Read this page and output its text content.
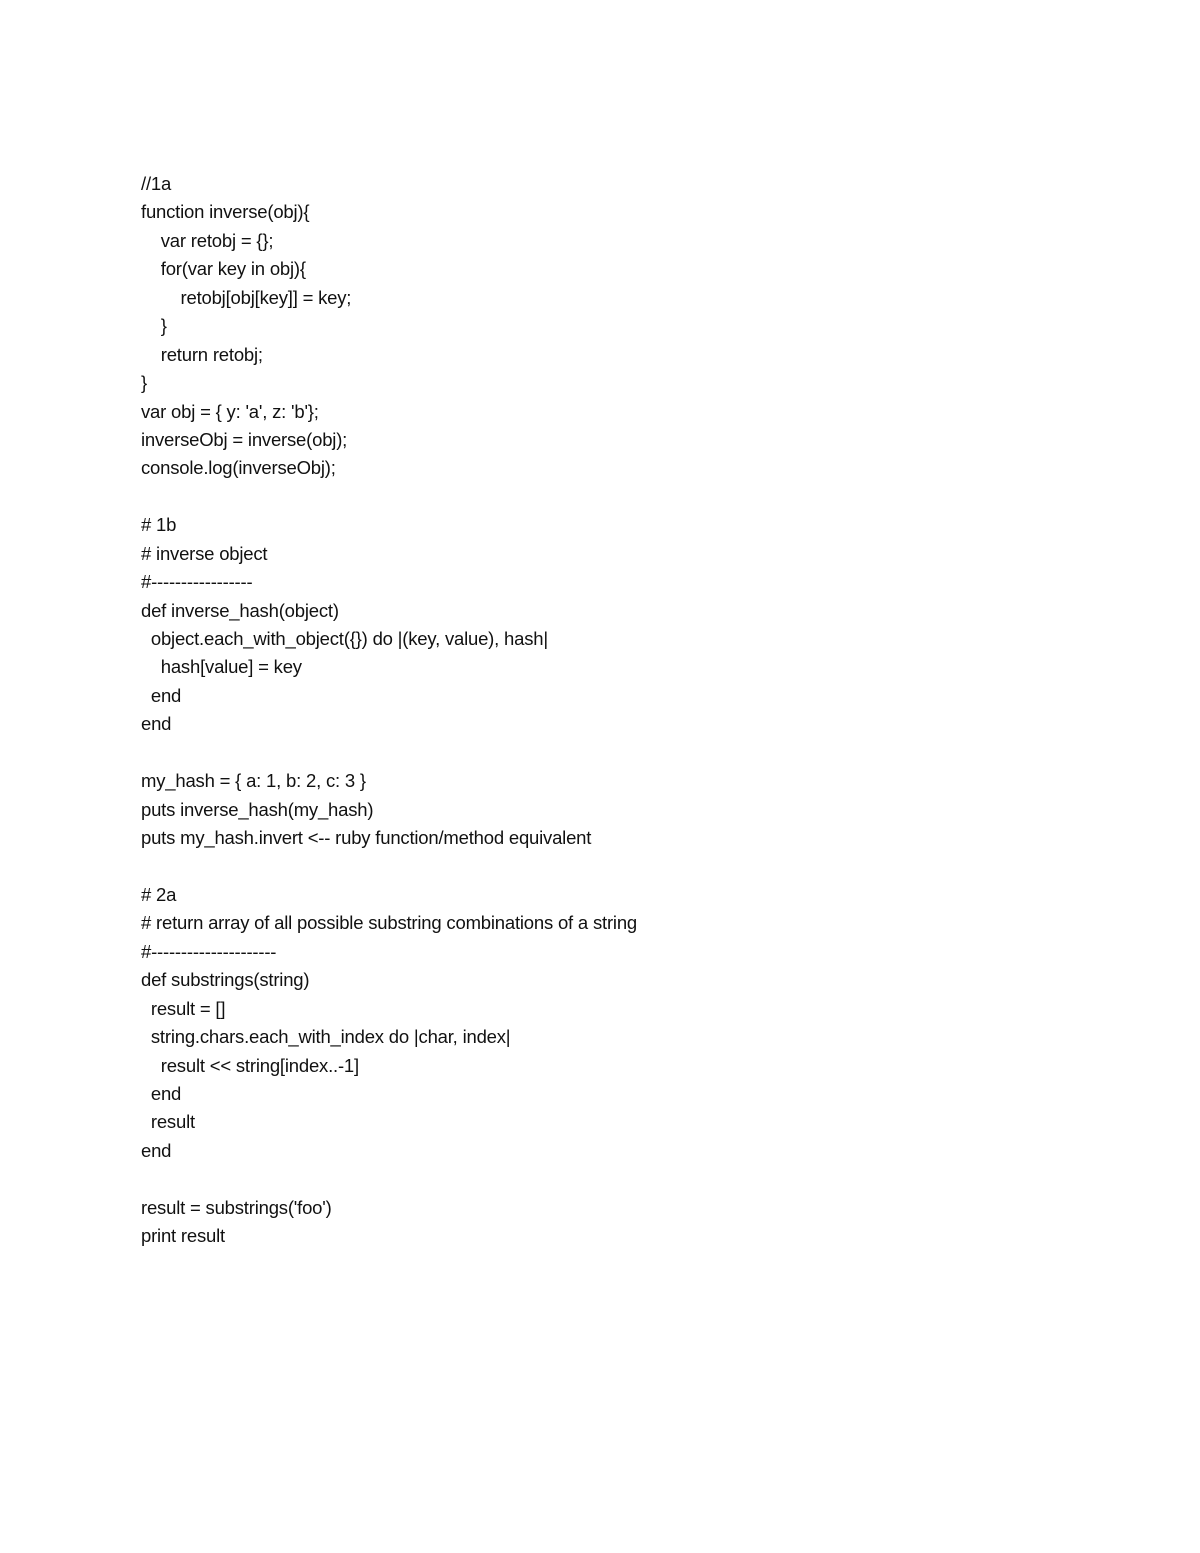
//1a
function inverse(obj){
var retobj = {};
for(var key in obj){
retobj[obj[key]] = key;
}
return retobj;
}
var obj = { y: 'a', z: 'b'};
inverseObj = inverse(obj);
console.log(inverseObj);
# 1b
# inverse object
#-----------------
def inverse_hash(object)
object.each_with_object({}) do |(key, value), hash|
hash[value] = key
end
end
my_hash = { a: 1, b: 2, c: 3 }
puts inverse_hash(my_hash)
puts my_hash.invert <-- ruby function/method equivalent
# 2a
# return array of all possible substring combinations of a string
#---------------------
def substrings(string)
result = []
string.chars.each_with_index do |char, index|
result << string[index..-1]
end
result
end
result = substrings('foo')
print result
